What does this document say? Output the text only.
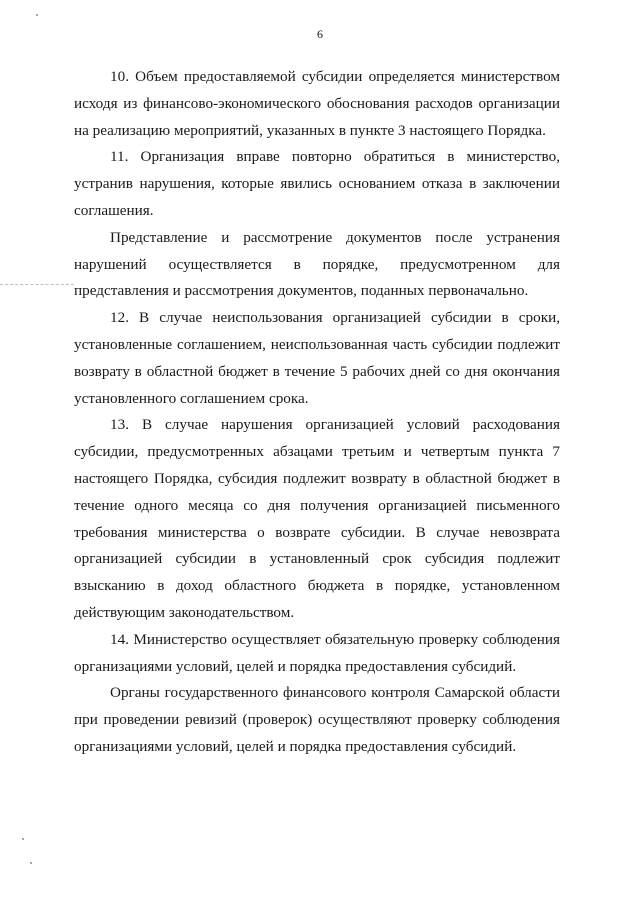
6

10. Объем предоставляемой субсидии определяется министерством
исходя из финансово-экономического обоснования расходов организации
на реализацию мероприятий, указанных в пункте 3 настоящего Порядка.

11. Организация вправе повторно обратиться в министерство,
устранив нарушения, которые явились основанием отказа в заключении
соглашения.

Представление и рассмотрение документов после устранения
нарушений осуществляется в порядке, предусмотренном для
представления и рассмотрения документов, поданных первоначально.

12. В случае неиспользования организацией субсидии в сроки,
установленные соглашением, неиспользованная часть субсидии подлежит
возврату в областной бюджет в течение 5 рабочих дней со дня окончания
установленного соглашением срока.

13. В случае нарушения организацией условий расходования
субсидии, предусмотренных абзацами третьим и четвертым пункта 7
настоящего Порядка, субсидия подлежит возврату в областной бюджет в
течение одного месяца со дня получения организацией письменного
требования министерства о возврате субсидии. В случае невозврата
организацией субсидии в установленный срок субсидия подлежит
взысканию в доход областного бюджета в порядке, установленном
действующим законодательством.

14. Министерство осуществляет обязательную проверку соблюдения
организациями условий, целей и порядка предоставления субсидий.

Органы государственного финансового контроля Самарской области
при проведении ревизий (проверок) осуществляют проверку соблюдения
организациями условий, целей и порядка предоставления субсидий.
